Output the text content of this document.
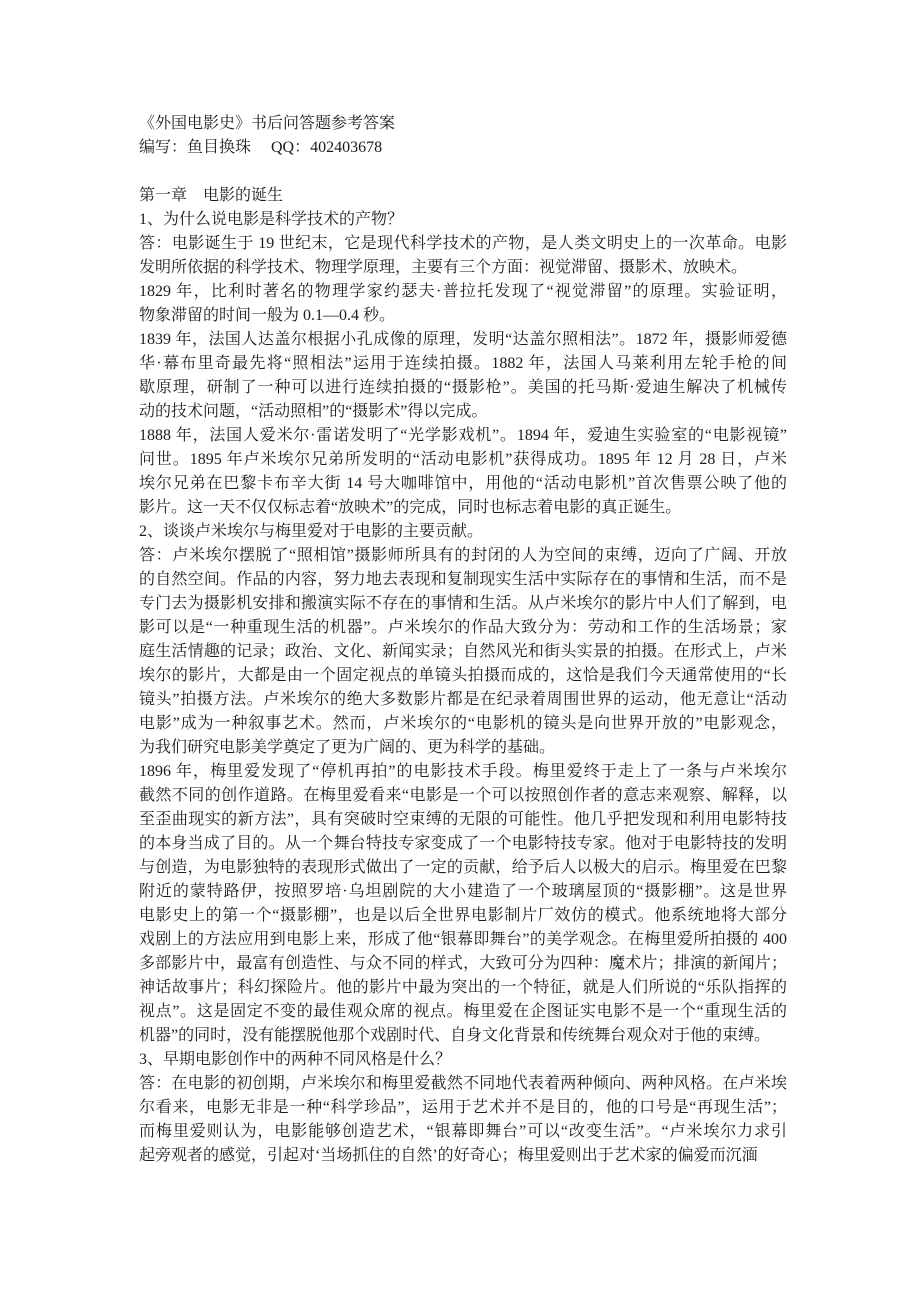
《外国电影史》书后问答题参考答案
编写：鱼目换珠　 QQ：402403678
第一章　电影的诞生
1、为什么说电影是科学技术的产物？
答：电影诞生于 19 世纪末，它是现代科学技术的产物，是人类文明史上的一次革命。电影
发明所依据的科学技术、物理学原理，主要有三个方面：视觉滞留、摄影术、放映术。
1829 年，比利时著名的物理学家约瑟夫·普拉托发现了“视觉滞留”的原理。实验证明，
物象滞留的时间一般为 0.1—0.4 秒。
1839 年，法国人达盖尔根据小孔成像的原理，发明“达盖尔照相法”。1872 年，摄影师爱德
华·幕布里奇最先将“照相法”运用于连续拍摄。1882 年，法国人马莱利用左轮手枪的间
歇原理，研制了一种可以进行连续拍摄的“摄影枪”。美国的托马斯·爱迪生解决了机械传
动的技术问题，“活动照相”的“摄影术”得以完成。
1888 年，法国人爱米尔·雷诺发明了“光学影戏机”。1894 年，爱迪生实验室的“电影视镜”
问世。1895 年卢米埃尔兄弟所发明的“活动电影机”获得成功。1895 年 12 月 28 日，卢米
埃尔兄弟在巴黎卡布辛大街 14 号大咖啡馆中，用他的“活动电影机”首次售票公映了他的
影片。这一天不仅仅标志着“放映术”的完成，同时也标志着电影的真正诞生。
2、谈谈卢米埃尔与梅里爱对于电影的主要贡献。
答：卢米埃尔摆脱了“照相馆”摄影师所具有的封闭的人为空间的束缚，迈向了广阔、开放
的自然空间。作品的内容，努力地去表现和复制现实生活中实际存在的事情和生活，而不是
专门去为摄影机安排和搬演实际不存在的事情和生活。从卢米埃尔的影片中人们了解到，电
影可以是“一种重现生活的机器”。卢米埃尔的作品大致分为：劳动和工作的生活场景；家
庭生活情趣的记录；政治、文化、新闻实录；自然风光和街头实景的拍摄。在形式上，卢米
埃尔的影片，大都是由一个固定视点的单镜头拍摄而成的，这恰是我们今天通常使用的“长
镜头”拍摄方法。卢米埃尔的绝大多数影片都是在纪录着周围世界的运动，他无意让“活动
电影”成为一种叙事艺术。然而，卢米埃尔的“电影机的镜头是向世界开放的”电影观念，
为我们研究电影美学奠定了更为广阔的、更为科学的基础。
1896 年，梅里爱发现了“停机再拍”的电影技术手段。梅里爱终于走上了一条与卢米埃尔
截然不同的创作道路。在梅里爱看来“电影是一个可以按照创作者的意志来观察、解释，以
至歪曲现实的新方法”，具有突破时空束缚的无限的可能性。他几乎把发现和利用电影特技
的本身当成了目的。从一个舞台特技专家变成了一个电影特技专家。他对于电影特技的发明
与创造，为电影独特的表现形式做出了一定的贡献，给予后人以极大的启示。梅里爱在巴黎
附近的蒙特路伊，按照罗培·乌坦剧院的大小建造了一个玻璃屋顶的“摄影棚”。这是世界
电影史上的第一个“摄影棚”，也是以后全世界电影制片厂效仿的模式。他系统地将大部分
戏剧上的方法应用到电影上来，形成了他“银幕即舞台”的美学观念。在梅里爱所拍摄的 400
多部影片中，最富有创造性、与众不同的样式，大致可分为四种：魔术片；排演的新闻片；
神话故事片；科幻探险片。他的影片中最为突出的一个特征，就是人们所说的“乐队指挥的
视点”。这是固定不变的最佳观众席的视点。梅里爱在企图证实电影不是一个“重现生活的
机器”的同时，没有能摆脱他那个戏剧时代、自身文化背景和传统舞台观众对于他的束缚。
3、早期电影创作中的两种不同风格是什么？
答：在电影的初创期，卢米埃尔和梅里爱截然不同地代表着两种倾向、两种风格。在卢米埃
尔看来，电影无非是一种“科学珍品”，运用于艺术并不是目的，他的口号是“再现生活”；
而梅里爱则认为，电影能够创造艺术，“银幕即舞台”可以“改变生活”。“卢米埃尔力求引
起旁观者的感觉，引起对‘当场抓住的自然’的好奇心；梅里爱则出于艺术家的偏爱而沉湎
